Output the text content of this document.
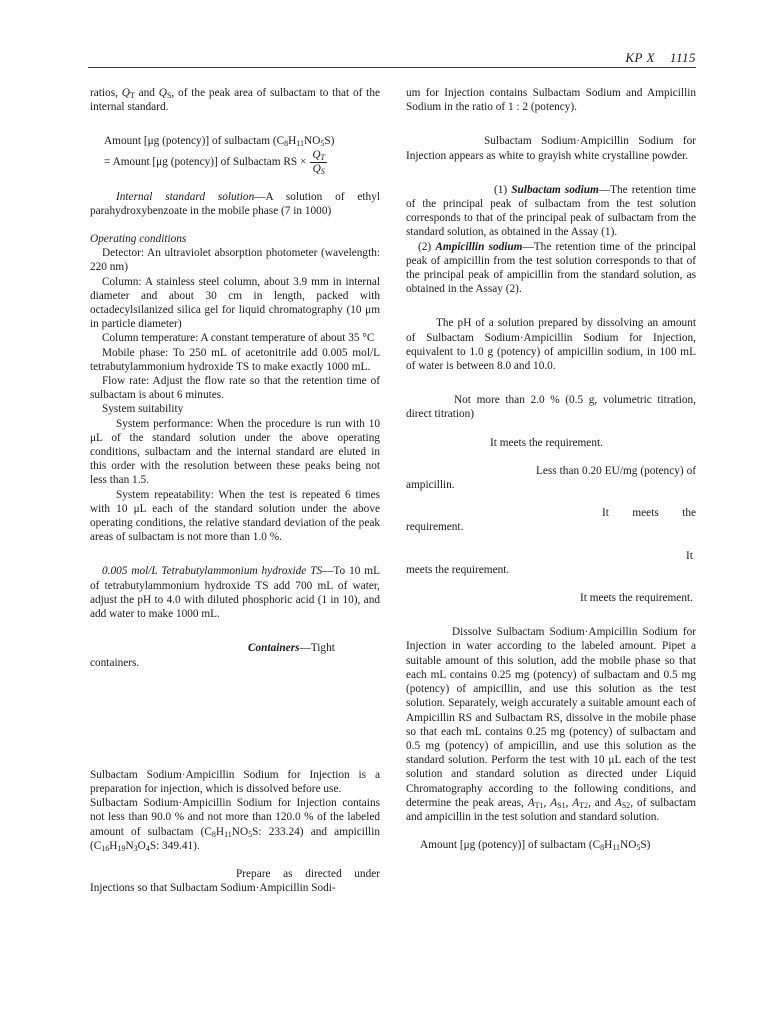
KP X 1115

ratios, $Q_T$ and $Q_S$, of the peak area of sulbactam to that of the internal standard.

Amount [μg (potency)] of sulbactam $(C_8H_{11}NO_5S)$

= Amount [μg (potency)] of Sulbactam RS × $\frac{Q_T}{Q_S}$

Internal standard solution—A solution of ethyl parahydroxybenzoate in the mobile phase (7 in 1000)

Operating conditions

Detector: An ultraviolet absorption photometer (wavelength: 220 nm)

Column: A stainless steel column, about 3.9 mm in internal diameter and about 30 cm in length, packed with octadecylsilanized silica gel for liquid chromatography (10 μm in particle diameter)

Column temperature: A constant temperature of about 35 °C

Mobile phase: To 250 mL of acetonitrile add 0.005 mol/L tetrabutylammonium hydroxide TS to make exactly 1000 mL.

Flow rate: Adjust the flow rate so that the retention time of sulbactam is about 6 minutes.

System suitability

System performance: When the procedure is run with 10 μL of the standard solution under the above operating conditions, sulbactam and the internal standard are eluted in this order with the resolution between these peaks being not less than 1.5.

System repeatability: When the test is repeated 6 times with 10 μL each of the standard solution under the above operating conditions, the relative standard deviation of the peak areas of sulbactam is not more than 1.0 %.

0.005 mol/L Tetrabutylammonium hydroxide TS—To 10 mL of tetrabutylammonium hydroxide TS add 700 mL of water, adjust the pH to 4.0 with diluted phosphoric acid (1 in 10), and add water to make 1000 mL.

Containers—Tight containers.

Sulbactam Sodium·Ampicillin Sodium for Injection is a preparation for injection, which is dissolved before use.

Sulbactam Sodium·Ampicillin Sodium for Injection contains not less than 90.0 % and not more than 120.0 % of the labeled amount of sulbactam ($C_8H_{11}NO_5S$: 233.24) and ampicillin ($C_{16}H_{19}N_3O_4S$: 349.41).

Prepare as directed under Injections so that Sulbactam Sodium·Ampicillin Sodi-

um for Injection contains Sulbactam Sodium and Ampicillin Sodium in the ratio of 1 : 2 (potency).

Sulbactam Sodium·Ampicillin Sodium for Injection appears as white to grayish white crystalline powder.

(1) Sulbactam sodium—The retention time of the principal peak of sulbactam from the test solution corresponds to that of the principal peak of sulbactam from the standard solution, as obtained in the Assay (1).

(2) Ampicillin sodium—The retention time of the principal peak of ampicillin from the test solution corresponds to that of the principal peak of ampicillin from the standard solution, as obtained in the Assay (2).

The pH of a solution prepared by dissolving an amount of Sulbactam Sodium·Ampicillin Sodium for Injection, equivalent to 1.0 g (potency) of ampicillin sodium, in 100 mL of water is between 8.0 and 10.0.

Not more than 2.0 % (0.5 g, volumetric titration, direct titration)

It meets the requirement.

Less than 0.20 EU/mg (potency) of ampicillin.

It meets the requirement.

It meets the requirement.

It meets the requirement.

Dissolve Sulbactam Sodium·Ampicillin Sodium for Injection in water according to the labeled amount. Pipet a suitable amount of this solution, add the mobile phase so that each mL contains 0.25 mg (potency) of sulbactam and 0.5 mg (potency) of ampicillin, and use this solution as the test solution. Separately, weigh accurately a suitable amount each of Ampicillin RS and Sulbactam RS, dissolve in the mobile phase so that each mL contains 0.25 mg (potency) of sulbactam and 0.5 mg (potency) of ampicillin, and use this solution as the standard solution. Perform the test with 10 μL each of the test solution and standard solution as directed under Liquid Chromatography according to the following conditions, and determine the peak areas, $A_{T1}$, $A_{S1}$, $A_{T2}$, and $A_{S2}$, of sulbactam and ampicillin in the test solution and standard solution.

Amount [μg (potency)] of sulbactam $(C_8H_{11}NO_5S)$
